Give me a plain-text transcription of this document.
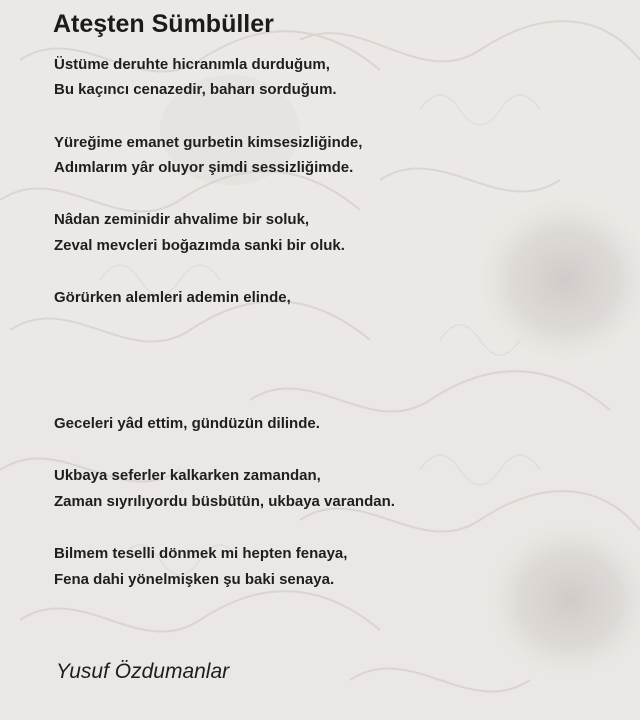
Ateşten Sümbüller
Üstüme deruhte hicranımla durduğum,
Bu kaçıncı cenazedir, baharı sorduğum.
Yüreğime emanet gurbetin kimsesizliğinde,
Adımlarım yâr oluyor şimdi sessizliğimde.
Nâdan zeminidir ahvalime bir soluk,
Zeval mevcleri boğazımda sanki bir oluk.
Görürken alemleri ademin elinde,
Geceleri yâd ettim, gündüzün dilinde.
Ukbaya seferler kalkarken zamandan,
Zaman sıyrılıyordu büsbütün, ukbaya varandan.
Bilmem teselli dönmek mi hepten fenaya,
Fena dahi yönelmişken şu baki senaya.
Yusuf Özdumanlar
